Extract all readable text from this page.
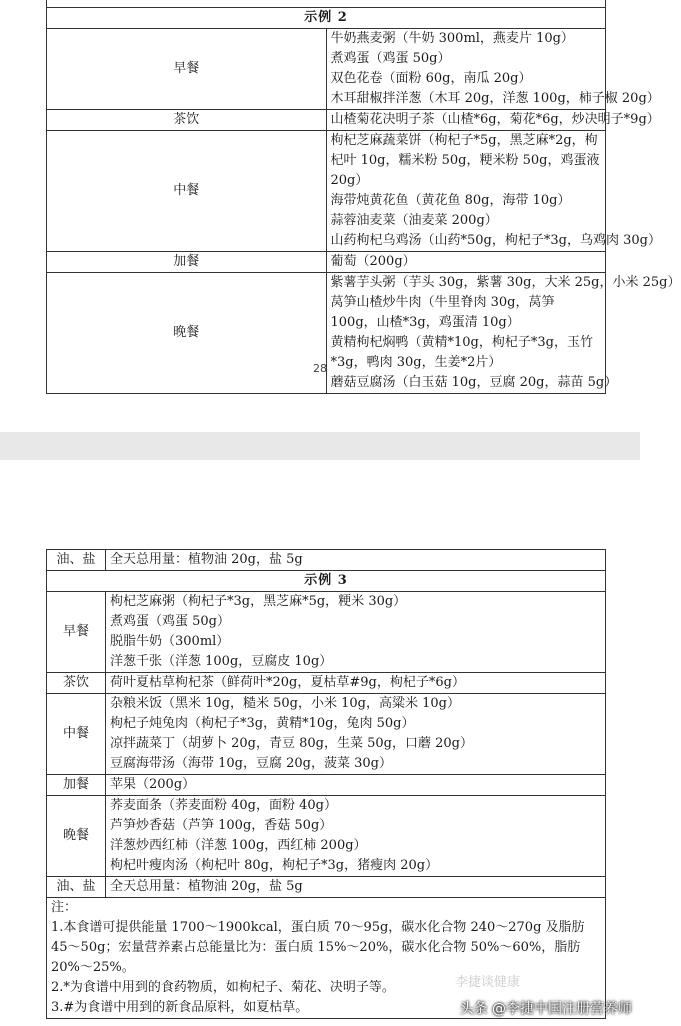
示例 2	
早餐	牛奶燕麦粥（牛奶 300ml，燕麦片 10g）
煮鸡蛋（鸡蛋 50g）
双色花卷（面粉 60g，南瓜 20g）
木耳甜椒拌洋葱（木耳 20g，洋葱 100g，柿子椒 20g）

茶饮	山楂菊花决明子茶（山楂*6g，菊花*6g，炒决明子*9g）

中餐	枸杞芝麻蔬菜饼（枸杞子*5g，黑芝麻*2g，枸杞叶 10g，糯米粉 50g，粳米粉 50g，鸡蛋液 20g）
海带炖黄花鱼（黄花鱼 80g，海带 10g）
蒜蓉油麦菜（油麦菜 200g）
山药枸杞乌鸡汤（山药*50g，枸杞子*3g，乌鸡肉 30g）

加餐	葡萄（200g）

晚餐	紫薯芋头粥（芋头 30g，紫薯 30g，大米 25g，小米 25g）
莴笋山楂炒牛肉（牛里脊肉 30g，莴笋 100g，山楂*3g，鸡蛋清 10g）
黄精枸杞焖鸭（黄精*10g，枸杞子*3g，玉竹*3g，鸭肉 30g，生姜*2片）
蘑菇豆腐汤（白玉菇 10g，豆腐 20g，蒜苗 5g）
28
油、盐	全天总用量：植物油 20g，盐 5g
示例 3	
早餐	枸杞芝麻粥（枸杞子*3g，黑芝麻*5g，粳米 30g）
煮鸡蛋（鸡蛋 50g）
脱脂牛奶（300ml）
洋葱千张（洋葱 100g，豆腐皮 10g）

茶饮	荷叶夏枯草枸杞茶（鲜荷叶*20g，夏枯草#9g，枸杞子*6g）

中餐	杂粮米饭（黑米 10g，糙米 50g，小米 10g，高粱米 10g）
枸杞子炖兔肉（枸杞子*3g，黄精*10g，兔肉 50g）
凉拌蔬菜丁（胡萝卜 20g，青豆 80g，生菜 50g，口蘑 20g）
豆腐海带汤（海带 10g，豆腐 20g，菠菜 30g）

加餐	苹果（200g）

晚餐	荞麦面条（荞麦面粉 40g，面粉 40g）
芦笋炒香菇（芦笋 100g，香菇 50g）
洋葱炒西红柿（洋葱 100g，西红柿 200g）
枸杞叶瘦肉汤（枸杞叶 80g，枸杞子*3g，猪瘦肉 20g）

油、盐	全天总用量：植物油 20g，盐 5g

注：
1.本食谱可提供能量 1700～1900kcal，蛋白质 70～95g，碳水化合物 240～270g 及脂肪 45～50g；宏量营养素占总能量比为：蛋白质 15%～20%，碳水化合物 50%～60%，脂肪 20%～25%。
2.*为食谱中用到的食药物质，如枸杞子、菊花、决明子等。
3.#为食谱中用到的新食品原料，如夏枯草。	
李捷谈健康
头条 @李捷中国注册营养师
